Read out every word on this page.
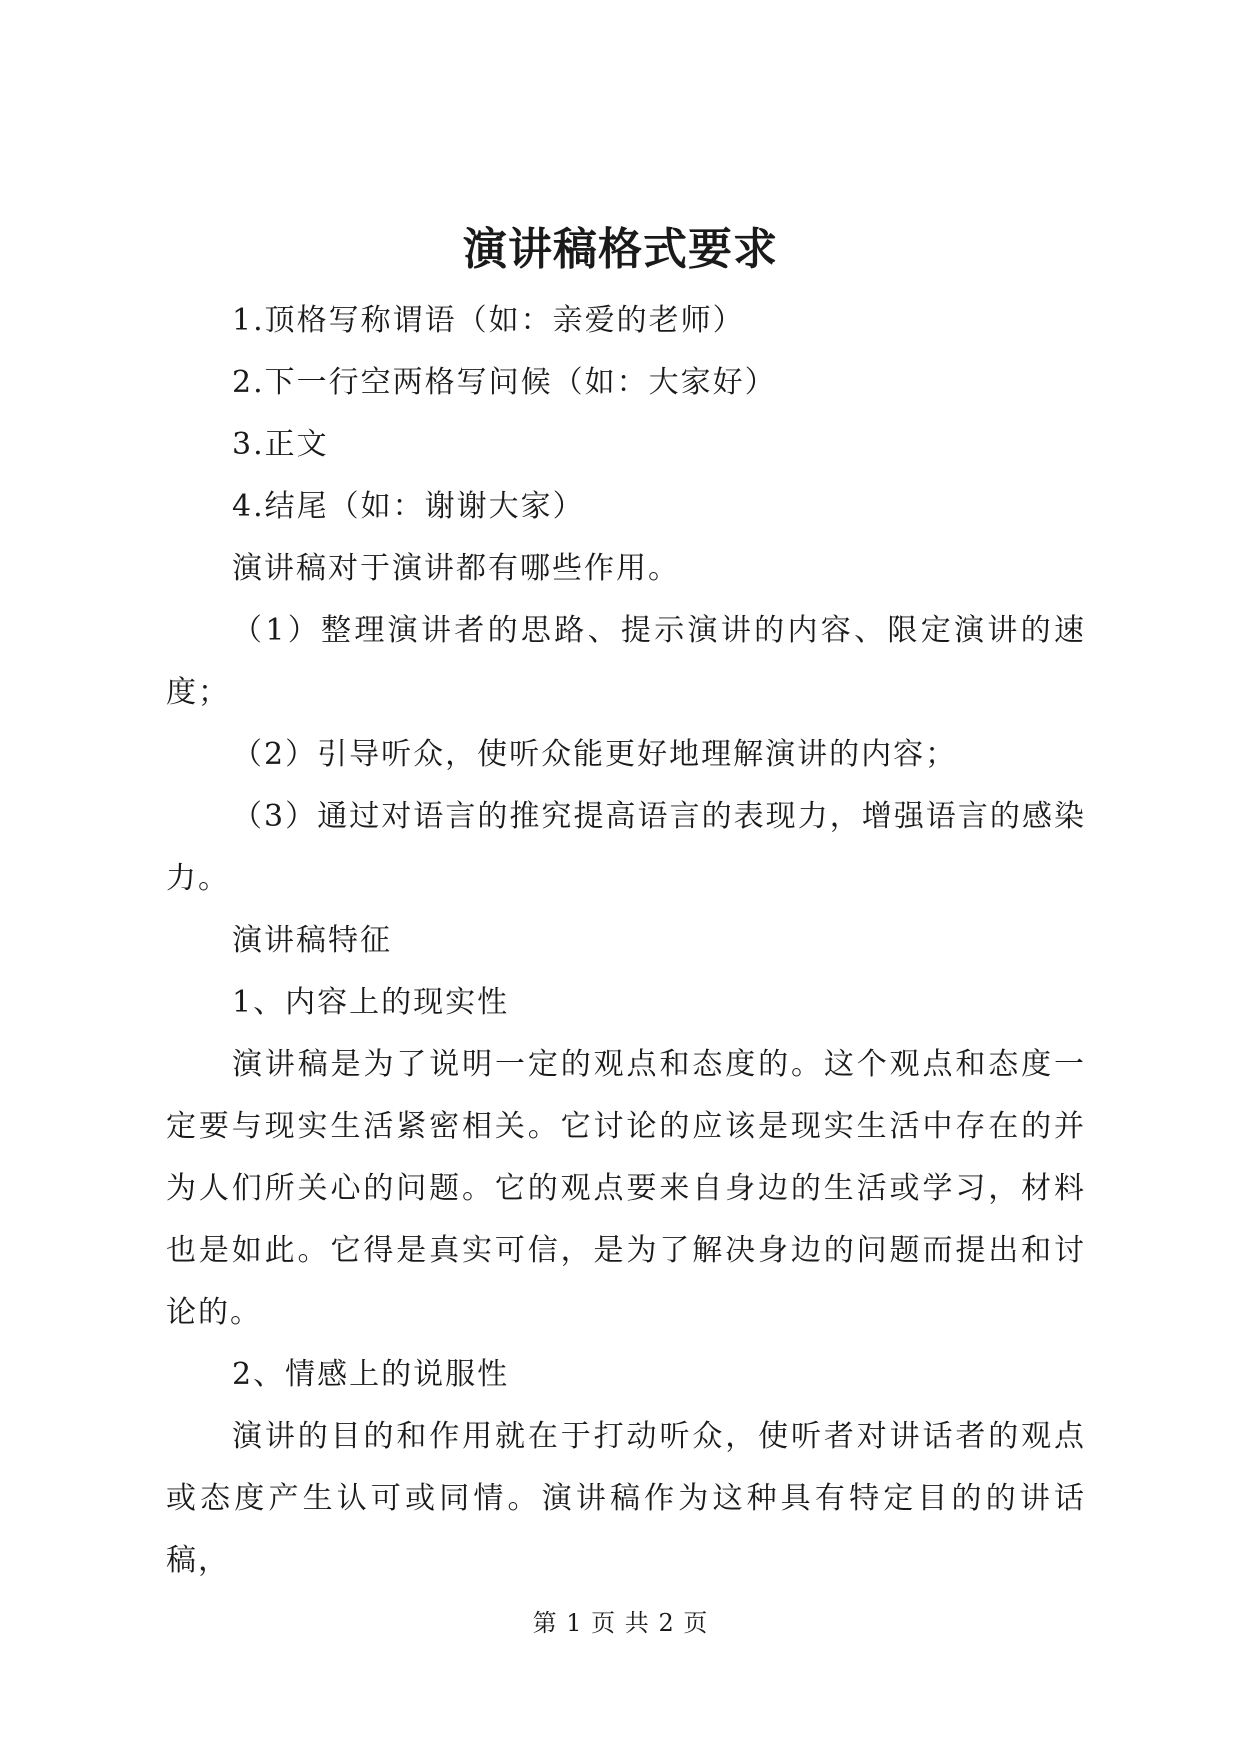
演讲稿格式要求

1.顶格写称谓语（如：亲爱的老师）

2.下一行空两格写问候（如：大家好）

3.正文

4.结尾（如：谢谢大家）

演讲稿对于演讲都有哪些作用。

（1）整理演讲者的思路、提示演讲的内容、限定演讲的速度；

（2）引导听众，使听众能更好地理解演讲的内容；

（3）通过对语言的推究提高语言的表现力，增强语言的感染力。

演讲稿特征

1、内容上的现实性

演讲稿是为了说明一定的观点和态度的。这个观点和态度一定要与现实生活紧密相关。它讨论的应该是现实生活中存在的并为人们所关心的问题。它的观点要来自身边的生活或学习，材料也是如此。它得是真实可信，是为了解决身边的问题而提出和讨论的。

2、情感上的说服性

演讲的目的和作用就在于打动听众，使听者对讲话者的观点或态度产生认可或同情。演讲稿作为这种具有特定目的的讲话稿，

第 1 页 共 2 页
